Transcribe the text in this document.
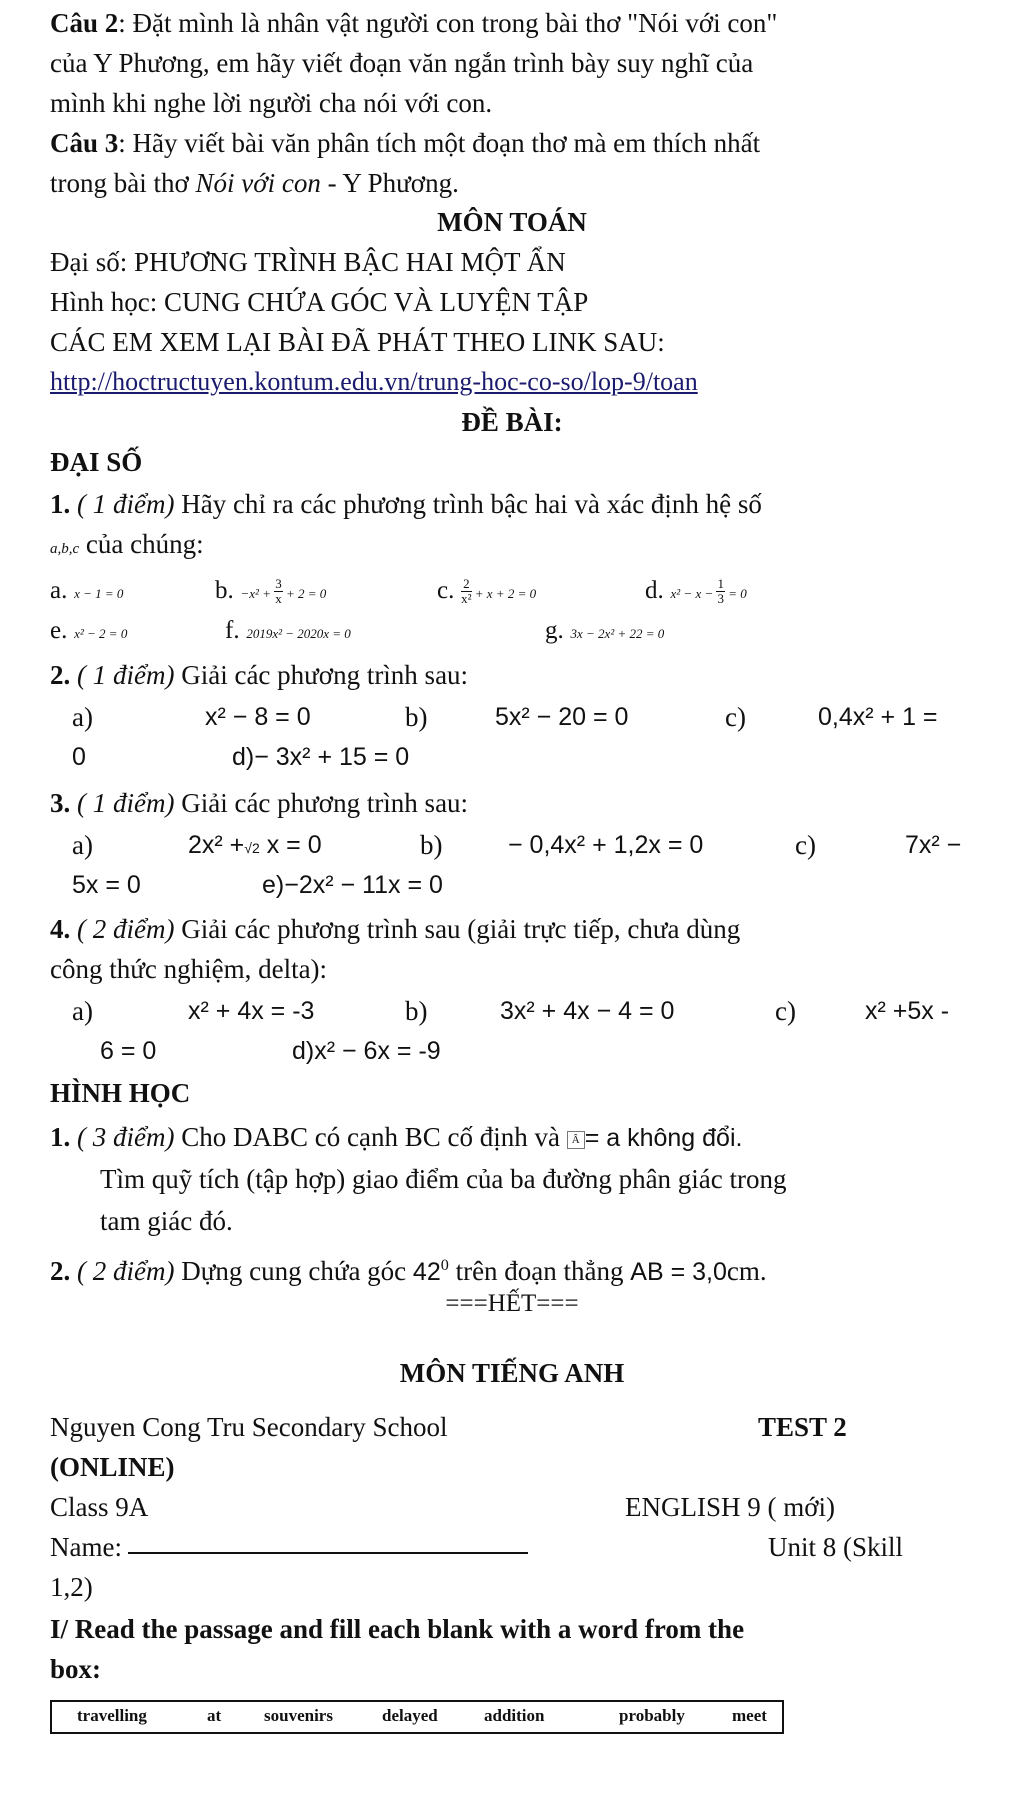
Câu 2: Đặt mình là nhân vật người con trong bài thơ "Nói với con"
của Y Phương, em hãy viết đoạn văn ngắn trình bày suy nghĩ của
mình khi nghe lời người cha nói với con.
Câu 3: Hãy viết bài văn phân tích một đoạn thơ mà em thích nhất
trong bài thơ Nói với con - Y Phương.
MÔN TOÁN
Đại số: PHƯƠNG TRÌNH BẬC HAI MỘT ẨN
Hình học: CUNG CHỨA GÓC VÀ LUYỆN TẬP
CÁC EM XEM LẠI BÀI ĐÃ PHÁT THEO LINK SAU:
http://hoctructuyen.kontum.edu.vn/trung-hoc-co-so/lop-9/toan
ĐỀ BÀI:
ĐẠI SỐ
1. ( 1 điểm) Hãy chỉ ra các phương trình bậc hai và xác định hệ số
a,b,c của chúng:
a. x − 1 = 0	b. $-x^2 + \frac{3}{x} + 2 = 0$	c. $\frac{2}{\text{x²}} + x + 2 = 0$	d. $x^2 - x - \frac{1}{3} = 0$
e. x² − 2 = 0	f. 2019x² − 2020x = 0	g. 3x − 2x² + 22 = 0
2. ( 1 điểm) Giải các phương trình sau:
a)	x² − 8 = 0	b)	5x² − 20 = 0	c)	0,4x² + 1 =
0	d)− 3x² + 15 = 0
3. ( 1 điểm) Giải các phương trình sau:
a)	2x² +√2 x = 0	b)	− 0,4x² + 1,2x = 0	c)	7x² −
5x = 0	e)−2x² − 11x = 0
4. ( 2 điểm) Giải các phương trình sau (giải trực tiếp, chưa dùng
công thức nghiệm, delta):
a)	x² + 4x = -3	b)	3x² + 4x − 4 = 0	c)	x² +5x -
6 = 0	d)x² − 6x = -9
HÌNH HỌC
1. ( 3 điểm) Cho DABC có cạnh BC cố định và Â = a không đổi.
Tìm quỹ tích (tập hợp) giao điểm của ba đường phân giác trong
tam giác đó.
2. ( 2 điểm) Dựng cung chứa góc $42^0$ trên đoạn thẳng AB = 3,0cm.
===HẾT===
MÔN TIẾNG ANH
Nguyen Cong Tru Secondary School	TEST 2
(ONLINE)
Class 9A	ENGLISH 9 ( mới)
Name:	Unit 8 (Skill
1,2)
I/ Read the passage and fill each blank with a word from the
box:
travelling	at	souvenirs	delayed	addition	probably	meet
